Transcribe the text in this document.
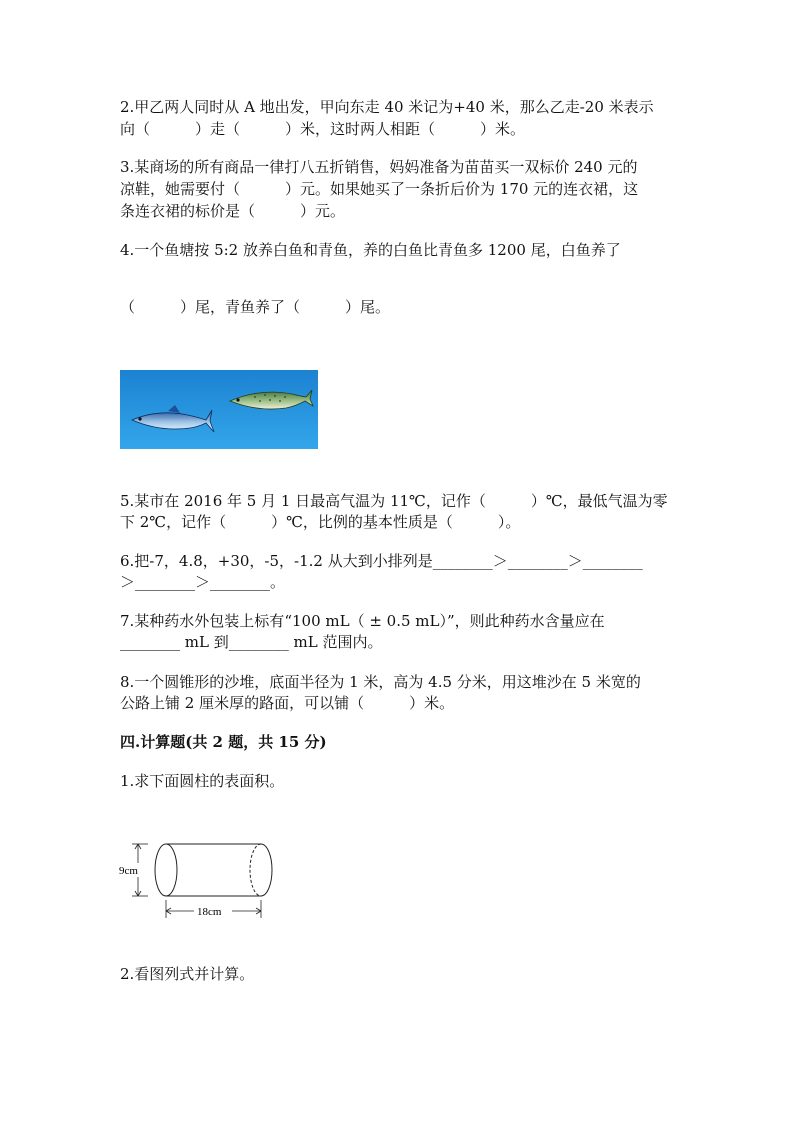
2.甲乙两人同时从 A 地出发，甲向东走 40 米记为+40 米，那么乙走-20 米表示
向（　　　）走（　　　）米，这时两人相距（　　　）米。
3.某商场的所有商品一律打八五折销售，妈妈准备为苗苗买一双标价 240 元的
凉鞋，她需要付（　　　）元。如果她买了一条折后价为 170 元的连衣裙，这
条连衣裙的标价是（　　　）元。
4.一个鱼塘按 5:2 放养白鱼和青鱼，养的白鱼比青鱼多 1200 尾，白鱼养了
（　　　）尾，青鱼养了（　　　）尾。
5.某市在 2016 年 5 月 1 日最高气温为 11℃，记作（　　　）℃，最低气温为零
下 2℃，记作（　　　）℃，比例的基本性质是（　　　）。
6.把-7，4.8，+30，-5，-1.2 从大到小排列是________＞________＞________
＞________＞________。
7.某种药水外包装上标有“100 mL（ ± 0.5 mL）”，则此种药水含量应在
________ mL 到________ mL 范围内。
8.一个圆锥形的沙堆，底面半径为 1 米，高为 4.5 分米，用这堆沙在 5 米宽的
公路上铺 2 厘米厚的路面，可以铺（　　　）米。
四.计算题(共 2 题，共 15 分)
1.求下面圆柱的表面积。
9cm
18cm
2.看图列式并计算。
